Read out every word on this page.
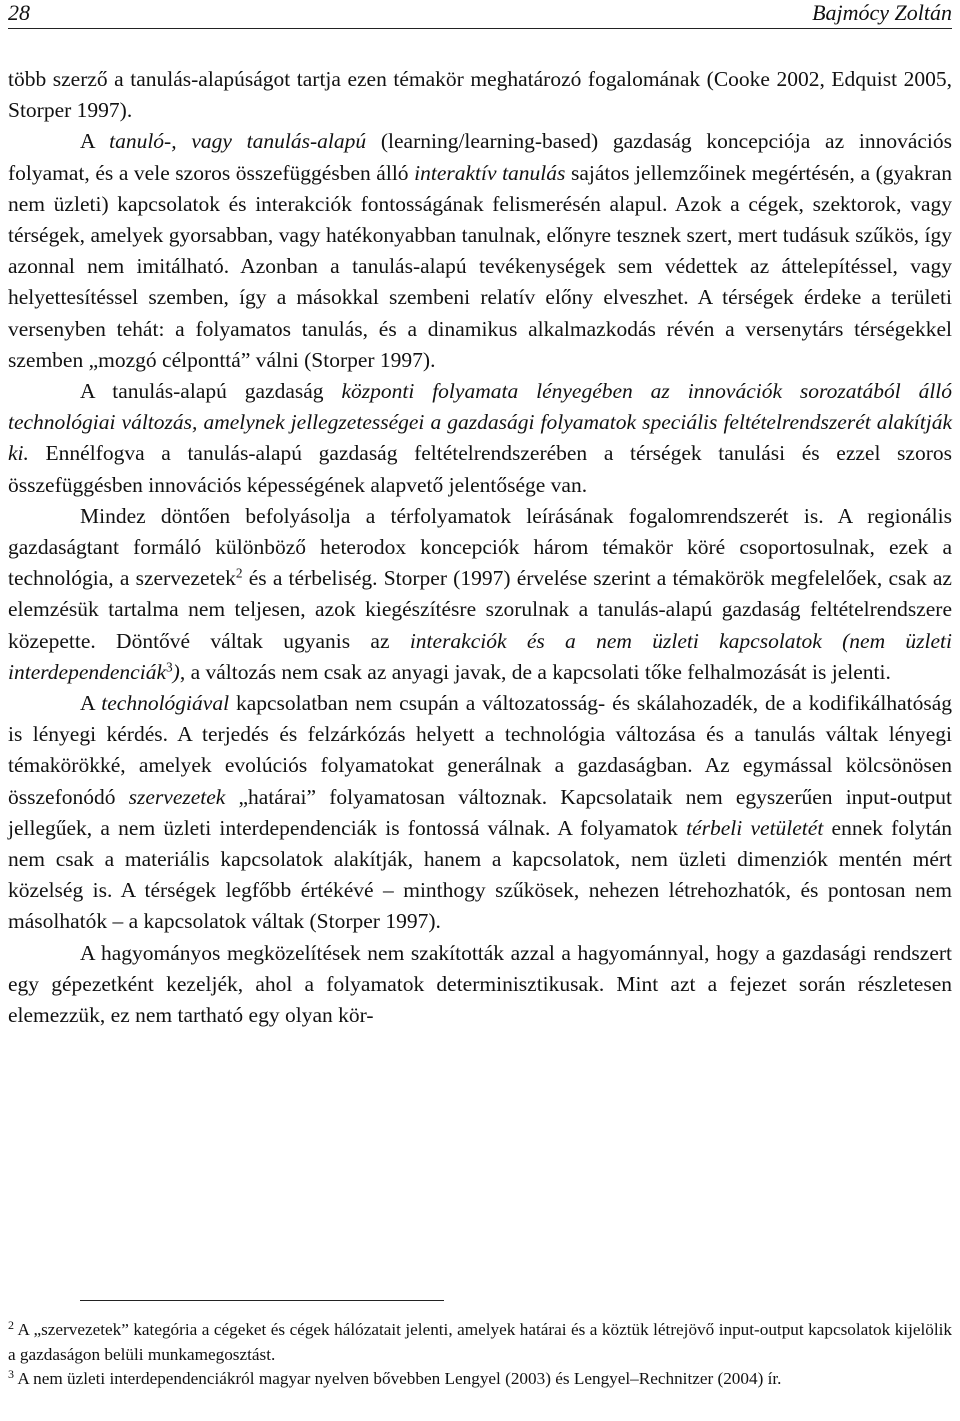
28	Bajmócy Zoltán

több szerző a tanulás-alapúságot tartja ezen témakör meghatározó fogalomának (Cooke 2002, Edquist 2005, Storper 1997).

A tanuló-, vagy tanulás-alapú (learning/learning-based) gazdaság koncepciója az innovációs folyamat, és a vele szoros összefüggésben álló interaktív tanulás sajátos jellemzőinek megértésén, a (gyakran nem üzleti) kapcsolatok és interakciók fontosságának felismerésén alapul. Azok a cégek, szektorok, vagy térségek, amelyek gyorsabban, vagy hatékonyabban tanulnak, előnyre tesznek szert, mert tudásuk szűkös, így azonnal nem imitálható. Azonban a tanulás-alapú tevékenységek sem védettek az áttelepítéssel, vagy helyettesítéssel szemben, így a másokkal szembeni relatív előny elveszhet. A térségek érdeke a területi versenyben tehát: a folyamatos tanulás, és a dinamikus alkalmazkodás révén a versenytárs térségekkel szemben „mozgó célponttá” válni (Storper 1997).

A tanulás-alapú gazdaság központi folyamata lényegében az innovációk sorozatából álló technológiai változás, amelynek jellegzetességei a gazdasági folyamatok speciális feltételrendszerét alakítják ki. Ennélfogva a tanulás-alapú gazdaság feltételrendszerében a térségek tanulási és ezzel szoros összefüggésben innovációs képességének alapvető jelentősége van.

Mindez döntően befolyásolja a térfolyamatok leírásának fogalomrendszerét is. A regionális gazdaságtant formáló különböző heterodox koncepciók három témakör köré csoportosulnak, ezek a technológia, a szervezetek$^2$ és a térbeliség. Storper (1997) érvelése szerint a témakörök megfelelőek, csak az elemzésük tartalma nem teljesen, azok kiegészítésre szorulnak a tanulás-alapú gazdaság feltételrendszere közepette. Döntővé váltak ugyanis az interakciók és a nem üzleti kapcsolatok (nem üzleti interdependenciák$^3$), a változás nem csak az anyagi javak, de a kapcsolati tőke felhalmozását is jelenti.

A technológiával kapcsolatban nem csupán a változatosság- és skálahozadék, de a kodifikálhatóság is lényegi kérdés. A terjedés és felzárkózás helyett a technológia változása és a tanulás váltak lényegi témakörökké, amelyek evolúciós folyamatokat generálnak a gazdaságban. Az egymással kölcsönösen összefonódó szervezetek „határai” folyamatosan változnak. Kapcsolataik nem egyszerűen input-output jellegűek, a nem üzleti interdependenciák is fontossá válnak. A folyamatok térbeli vetületét ennek folytán nem csak a materiális kapcsolatok alakítják, hanem a kapcsolatok, nem üzleti dimenziók mentén mért közelség is. A térségek legfőbb értékévé – minthogy szűkösek, nehezen létrehozhatók, és pontosan nem másolhatók – a kapcsolatok váltak (Storper 1997).

A hagyományos megközelítések nem szakították azzal a hagyománnyal, hogy a gazdasági rendszert egy gépezetként kezeljék, ahol a folyamatok determinisztikusak. Mint azt a fejezet során részletesen elemezzük, ez nem tartható egy olyan kör-

$^2$ A „szervezetek” kategória a cégeket és cégek hálózatait jelenti, amelyek határai és a köztük létrejövő input-output kapcsolatok kijelölik a gazdaságon belüli munkamegosztást.

$^3$ A nem üzleti interdependenciákról magyar nyelven bővebben Lengyel (2003) és Lengyel–Rechnitzer (2004) ír.
